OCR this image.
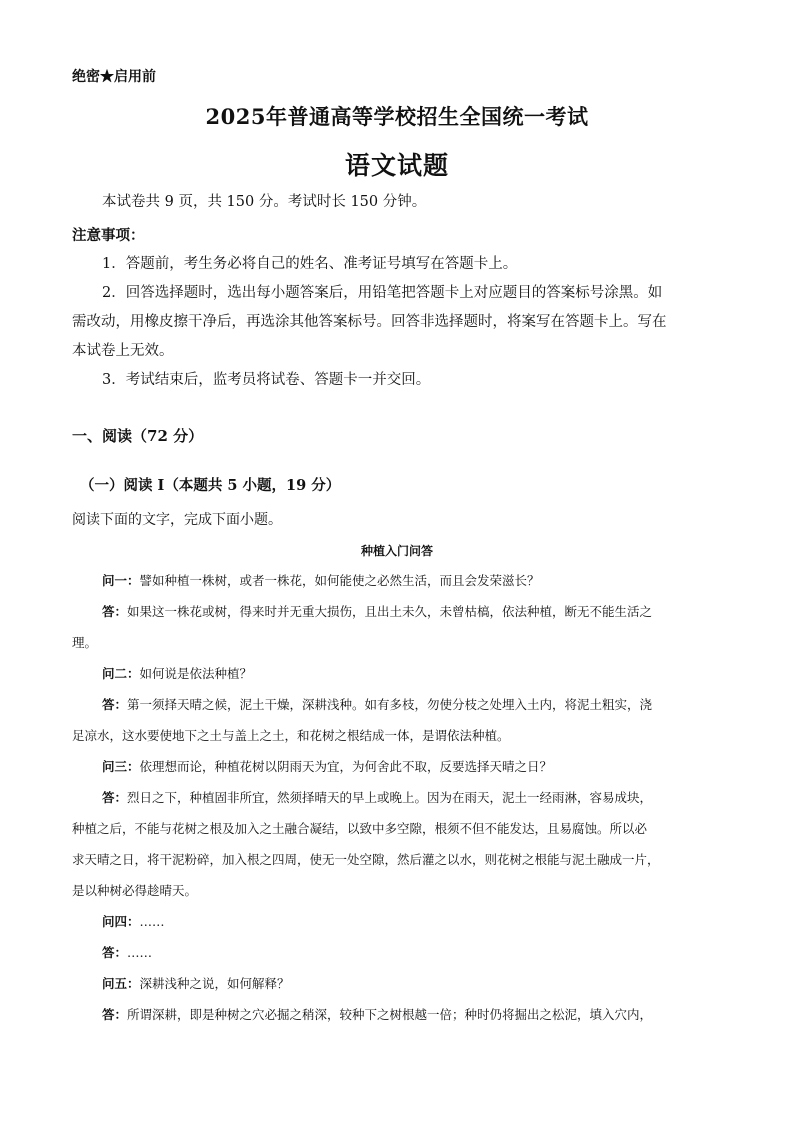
绝密★启用前
2025年普通高等学校招生全国统一考试
语文试题
本试卷共 9 页，共 150 分。考试时长 150 分钟。
注意事项：
1．答题前，考生务必将自己的姓名、准考证号填写在答题卡上。
2．回答选择题时，选出每小题答案后，用铅笔把答题卡上对应题目的答案标号涂黑。如
需改动，用橡皮擦干净后，再选涂其他答案标号。回答非选择题时，将案写在答题卡上。写在
本试卷上无效。
3．考试结束后，监考员将试卷、答题卡一并交回。
一、阅读（72 分）
（一）阅读 I（本题共 5 小题，19 分）
阅读下面的文字，完成下面小题。
种植入门问答
问一：譬如种植一株树，或者一株花，如何能使之必然生活，而且会发荣滋长？
答：如果这一株花或树，得来时并无重大损伤，且出土未久，未曾枯槁，依法种植，断无不能生活之
理。
问二：如何说是依法种植？
答：第一须择天晴之候，泥土干燥，深耕浅种。如有多枝，勿使分枝之处埋入土内，将泥土粗实，浇
足凉水，这水要使地下之土与盖上之土，和花树之根结成一体，是谓依法种植。
问三：依理想而论，种植花树以阴雨天为宜，为何舍此不取，反要选择天晴之日？
答：烈日之下，种植固非所宜，然须择晴天的早上或晚上。因为在雨天，泥土一经雨淋，容易成块，
种植之后，不能与花树之根及加入之土融合凝结，以致中多空隙，根须不但不能发达，且易腐蚀。所以必
求天晴之日，将干泥粉碎，加入根之四周，使无一处空隙，然后灌之以水，则花树之根能与泥土融成一片，
是以种树必得趁晴天。
问四：……
答：……
问五：深耕浅种之说，如何解释？
答：所谓深耕，即是种树之穴必掘之稍深，较种下之树根越一倍；种时仍将掘出之松泥，填入穴内，
